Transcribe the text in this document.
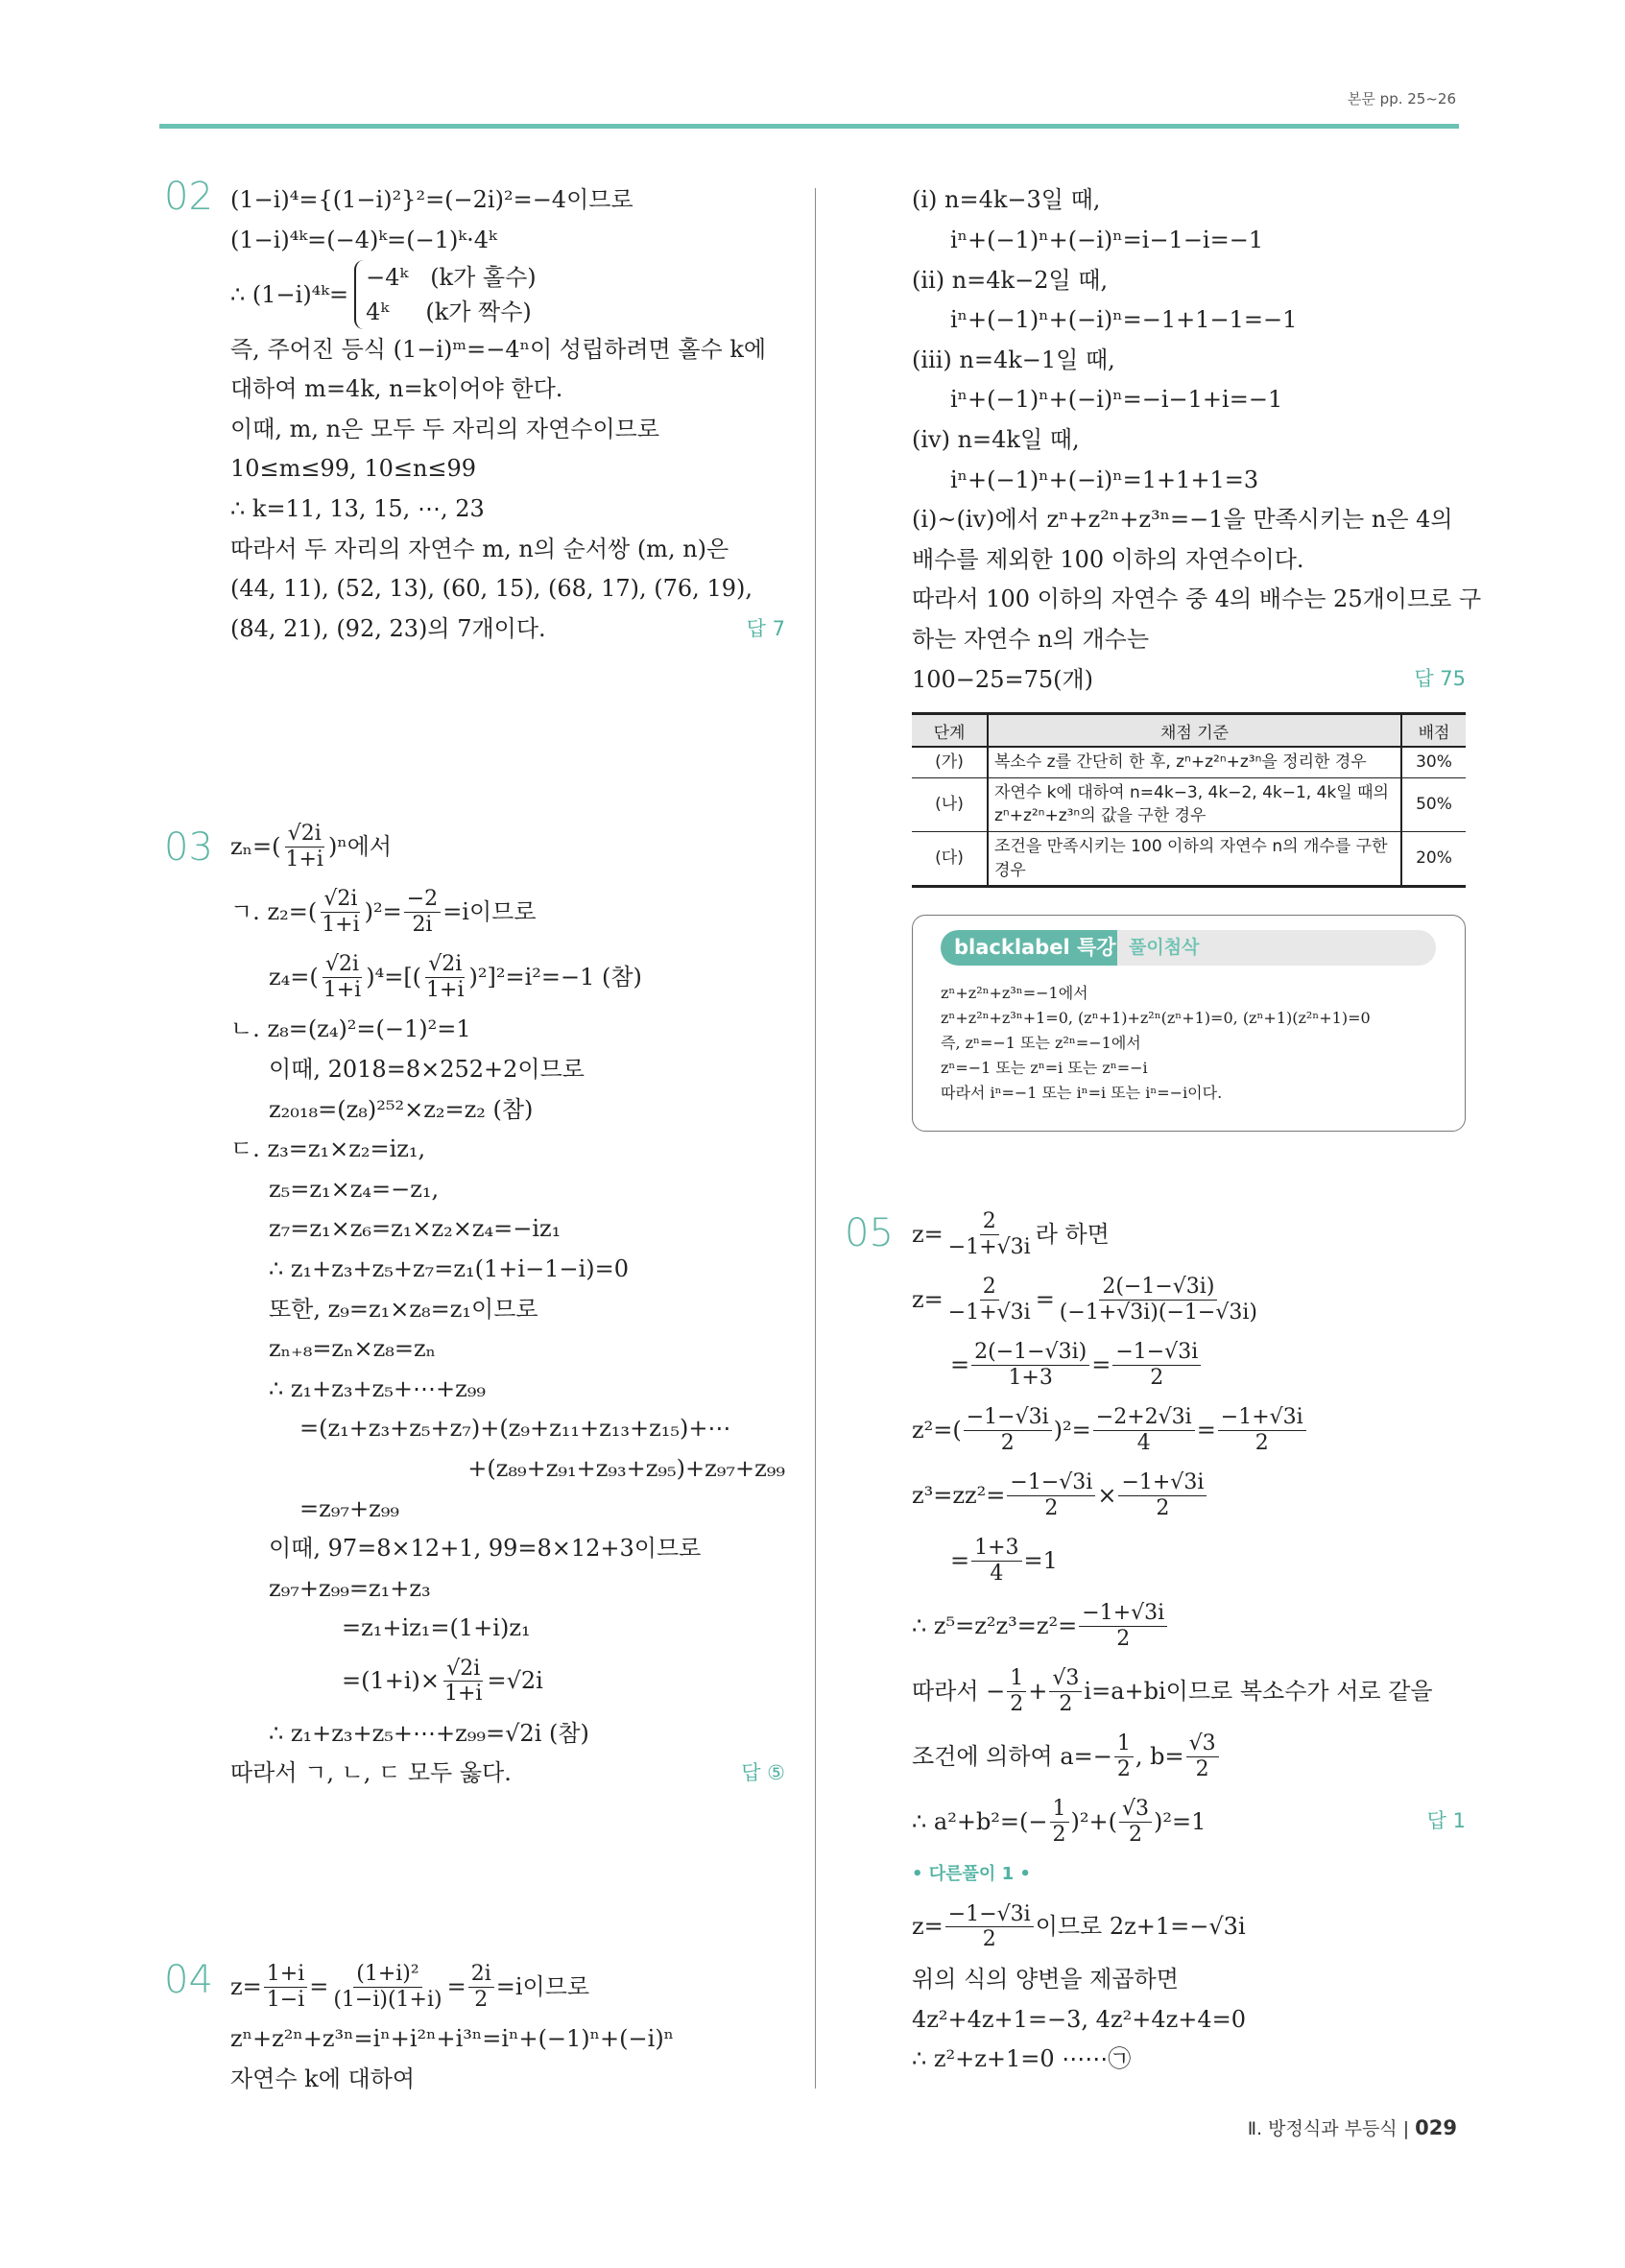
본문 pp. 25~26
02 (1−i)⁴={(1−i)²}²=(−2i)²=−4이므로
(1−i)⁴ᵏ=(−4)ᵏ=(−1)ᵏ·4ᵏ
∴ (1−i)⁴ᵏ=
−4ᵏ   (k가 홀수)
4ᵏ     (k가 짝수)
즉, 주어진 등식 (1−i)ᵐ=−4ⁿ이 성립하려면 홀수 k에
대하여 m=4k, n=k이어야 한다.
이때, m, n은 모두 두 자리의 자연수이므로
10≤m≤99, 10≤n≤99
∴ k=11, 13, 15, ⋯, 23
따라서 두 자리의 자연수 m, n의 순서쌍 (m, n)은
(44, 11), (52, 13), (60, 15), (68, 17), (76, 19),
(84, 21), (92, 23)의 7개이다.	답 7
03 $z_n=( \frac{√2i}{1+i} )^n$에서
ㄱ. $z_2=( \frac{√2i}{1+i} )^2= \frac{-2}{2i} =i$이므로
$z_4=( \frac{√2i}{1+i} )^4=[( \frac{√2i}{1+i} )^2]^2=i^2=-1$ (참)
ㄴ. z₈=(z₄)²=(−1)²=1
이때, 2018=8×252+2이므로
z₂₀₁₈=(z₈)²⁵²×z₂=z₂ (참)
ㄷ. z₃=z₁×z₂=iz₁,
z₅=z₁×z₄=−z₁,
z₇=z₁×z₆=z₁×z₂×z₄=−iz₁
∴ z₁+z₃+z₅+z₇=z₁(1+i−1−i)=0
또한, z₉=z₁×z₈=z₁이므로
zₙ₊₈=zₙ×z₈=zₙ
∴ z₁+z₃+z₅+⋯+z₉₉
=(z₁+z₃+z₅+z₇)+(z₉+z₁₁+z₁₃+z₁₅)+⋯
+(z₈₉+z₉₁+z₉₃+z₉₅)+z₉₇+z₉₉
=z₉₇+z₉₉
이때, 97=8×12+1, 99=8×12+3이므로
z₉₇+z₉₉=z₁+z₃
=z₁+iz₁=(1+i)z₁
$=(1+i)\times \frac{√2i}{1+i} =√2i$
∴ z₁+z₃+z₅+⋯+z₉₉=√2i (참)
따라서 ㄱ, ㄴ, ㄷ 모두 옳다.	답 ⑤
04 $z= \frac{1+i}{1-i} = \frac{\text{(1+i)²}}{(1-i)(1+i)} = \frac{2i}{2} =i$이므로
zⁿ+z²ⁿ+z³ⁿ=iⁿ+i²ⁿ+i³ⁿ=iⁿ+(−1)ⁿ+(−i)ⁿ
자연수 k에 대하여
(ⅰ) n=4k−3일 때,
iⁿ+(−1)ⁿ+(−i)ⁿ=i−1−i=−1
(ⅱ) n=4k−2일 때,
iⁿ+(−1)ⁿ+(−i)ⁿ=−1+1−1=−1
(ⅲ) n=4k−1일 때,
iⁿ+(−1)ⁿ+(−i)ⁿ=−i−1+i=−1
(ⅳ) n=4k일 때,
iⁿ+(−1)ⁿ+(−i)ⁿ=1+1+1=3
(ⅰ)~(ⅳ)에서 zⁿ+z²ⁿ+z³ⁿ=−1을 만족시키는 n은 4의
배수를 제외한 100 이하의 자연수이다.
따라서 100 이하의 자연수 중 4의 배수는 25개이므로 구
하는 자연수 n의 개수는
100−25=75(개)	답 75
단계	채점 기준	배점
(가)	복소수 z를 간단히 한 후, zⁿ+z²ⁿ+z³ⁿ을 정리한 경우	30%
(나)	자연수 k에 대하여 n=4k−3, 4k−2, 4k−1, 4k일 때의 zⁿ+z²ⁿ+z³ⁿ의 값을 구한 경우	50%
(다)	조건을 만족시키는 100 이하의 자연수 n의 개수를 구한 경우	20%
blacklabel 특강 풀이첨삭
zⁿ+z²ⁿ+z³ⁿ=−1에서
zⁿ+z²ⁿ+z³ⁿ+1=0, (zⁿ+1)+z²ⁿ(zⁿ+1)=0, (zⁿ+1)(z²ⁿ+1)=0
즉, zⁿ=−1 또는 z²ⁿ=−1에서
zⁿ=−1 또는 zⁿ=i 또는 zⁿ=−i
따라서 iⁿ=−1 또는 iⁿ=i 또는 iⁿ=−i이다.
05 $z= \frac{2}{-1+√3i}$ 라 하면
$z= \frac{2}{-1+√3i} = \frac{2(-1-√3i)}{(-1+√3i)(-1-√3i)}$
= $\frac{2(-1-√3i)}{1+3} = \frac{-1-√3i}{2}$
$z^2=( \frac{-1-√3i}{2} )^2= \frac{-2+2√3i}{4} = \frac{-1+√3i}{2}$
$z^3=zz^2= \frac{-1-√3i}{2} \times \frac{-1+√3i}{2}$
= $\frac{1+3}{4} =1$
∴ $z^5=z^2z^3=z^2= \frac{-1+√3i}{2}$
따라서 − $\frac{1}{2} + \frac{√3}{2} i=a+bi$이므로 복소수가 서로 같을
조건에 의하여 $a=- \frac{1}{2}$ , $b= \frac{√3}{2}$
∴ $a^2+b^2=(- \frac{1}{2} )^2+( \frac{√3}{2} )^2=1$	답 1
• 다른풀이 1 •
$z= \frac{-1-√3i}{2}$ 이므로 2z+1=−√3i
위의 식의 양변을 제곱하면
4z²+4z+1=−3, 4z²+4z+4=0
∴ z²+z+1=0 ⋯⋯㉠
Ⅱ. 방정식과 부등식 | 029
